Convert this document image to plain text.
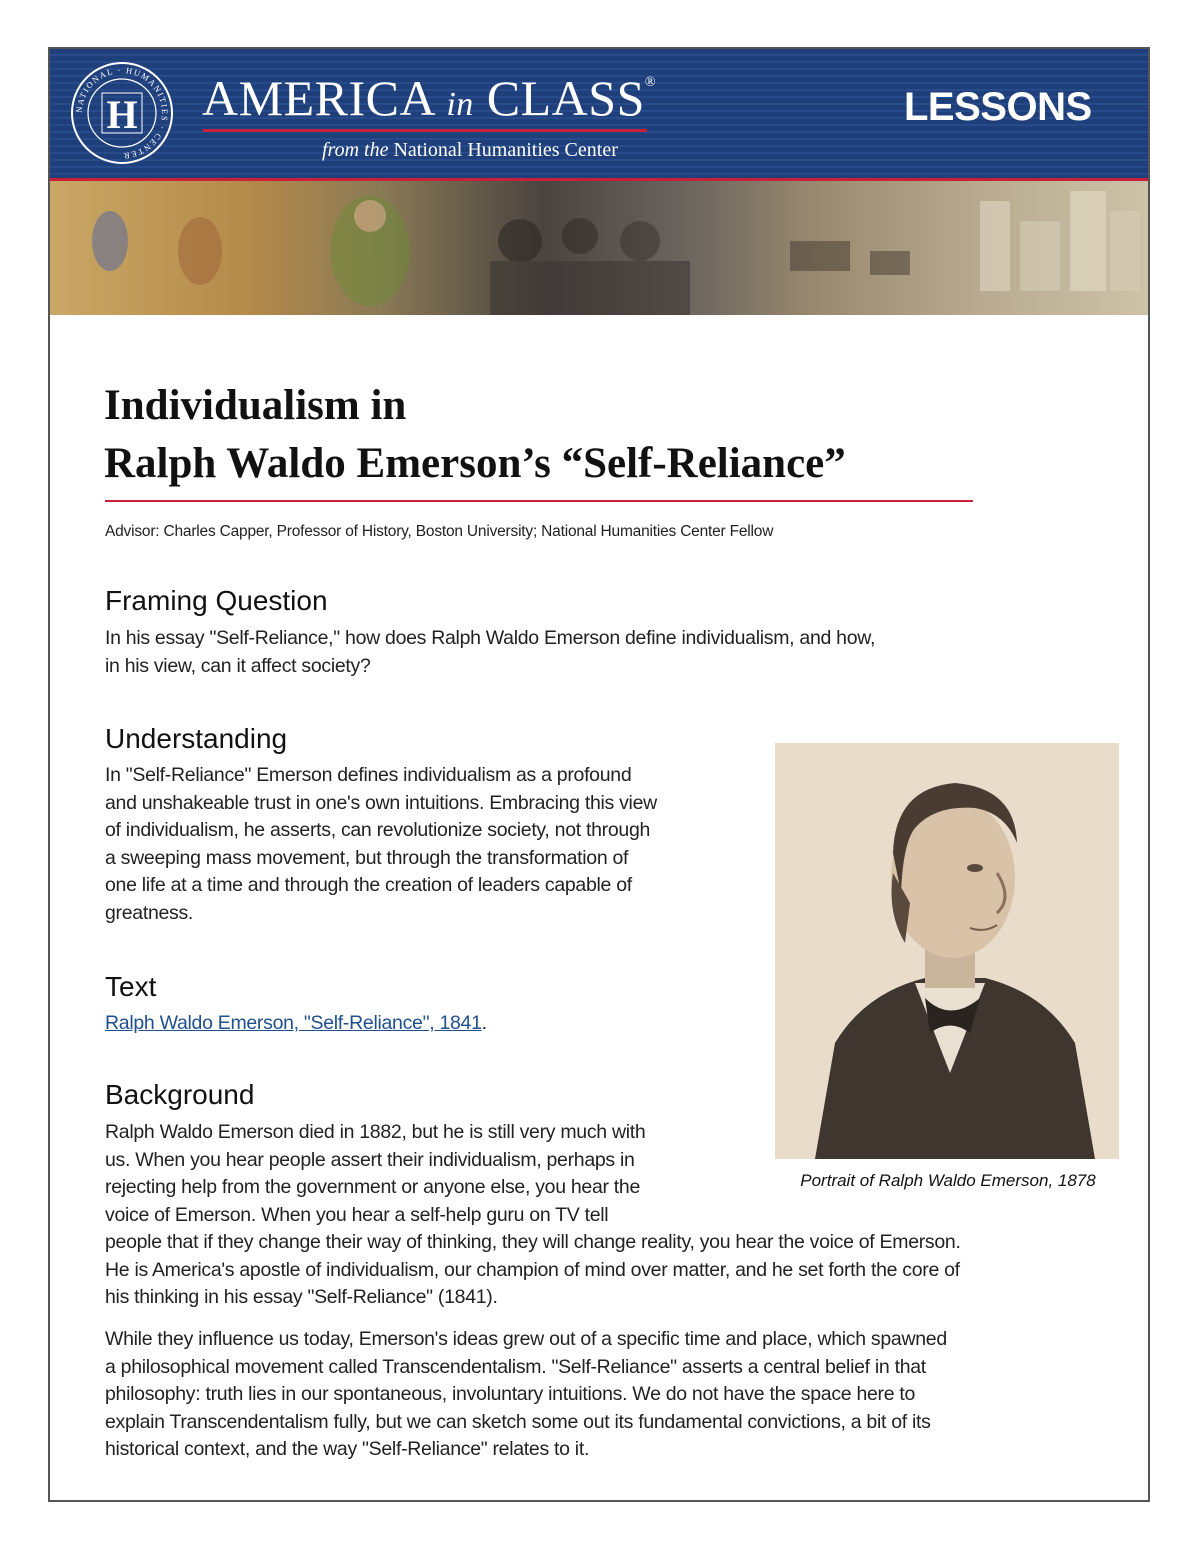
NATIONAL · HUMANITIES · CENTER
H AMERICA in CLASS®
from the National Humanities Center
LESSONS
Individualism in
Ralph Waldo Emerson’s “Self-Reliance”
Advisor: Charles Capper, Professor of History, Boston University; National Humanities Center Fellow
Framing Question

In his essay "Self-Reliance," how does Ralph Waldo Emerson define individualism, and how,
in his view, can it affect society?

Understanding

In "Self-Reliance" Emerson defines individualism as a profound
and unshakeable trust in one's own intuitions. Embracing this view
of individualism, he asserts, can revolutionize society, not through
a sweeping mass movement, but through the transformation of
one life at a time and through the creation of leaders capable of
greatness.

Text

Ralph Waldo Emerson, "Self-Reliance", 1841.

Background

Ralph Waldo Emerson died in 1882, but he is still very much with
us. When you hear people assert their individualism, perhaps in
rejecting help from the government or anyone else, you hear the
voice of Emerson. When you hear a self-help guru on TV tell
people that if they change their way of thinking, they will change reality, you hear the voice of Emerson.
He is America's apostle of individualism, our champion of mind over matter, and he set forth the core of
his thinking in his essay "Self-Reliance" (1841).

While they influence us today, Emerson's ideas grew out of a specific time and place, which spawned
a philosophical movement called Transcendentalism. "Self-Reliance" asserts a central belief in that
philosophy: truth lies in our spontaneous, involuntary intuitions. We do not have the space here to
explain Transcendentalism fully, but we can sketch some out its fundamental convictions, a bit of its
historical context, and the way "Self-Reliance" relates to it.

Portrait of Ralph Waldo Emerson, 1878
